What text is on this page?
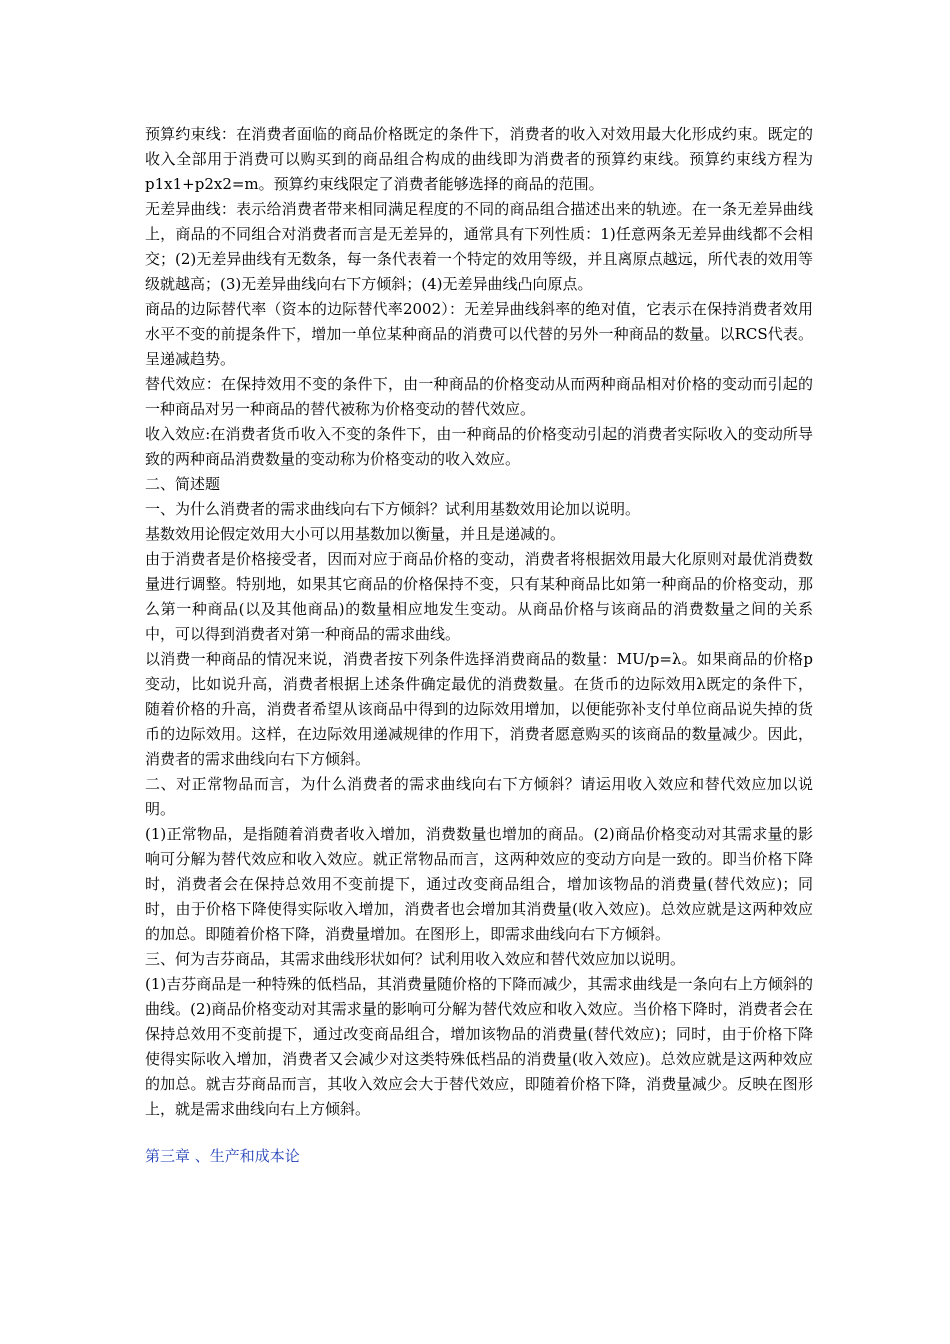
预算约束线：在消费者面临的商品价格既定的条件下，消费者的收入对效用最大化形成约束。既定的收入全部用于消费可以购买到的商品组合构成的曲线即为消费者的预算约束线。预算约束线方程为p1x1+p2x2=m。预算约束线限定了消费者能够选择的商品的范围。

无差异曲线：表示给消费者带来相同满足程度的不同的商品组合描述出来的轨迹。在一条无差异曲线上，商品的不同组合对消费者而言是无差异的，通常具有下列性质：1)任意两条无差异曲线都不会相交；(2)无差异曲线有无数条，每一条代表着一个特定的效用等级，并且离原点越远，所代表的效用等级就越高；(3)无差异曲线向右下方倾斜；(4)无差异曲线凸向原点。

商品的边际替代率（资本的边际替代率2002）：无差异曲线斜率的绝对值，它表示在保持消费者效用水平不变的前提条件下，增加一单位某种商品的消费可以代替的另外一种商品的数量。以RCS代表。呈递减趋势。

替代效应：在保持效用不变的条件下，由一种商品的价格变动从而两种商品相对价格的变动而引起的一种商品对另一种商品的替代被称为价格变动的替代效应。

收入效应:在消费者货币收入不变的条件下，由一种商品的价格变动引起的消费者实际收入的变动所导致的两种商品消费数量的变动称为价格变动的收入效应。

二、简述题

一、为什么消费者的需求曲线向右下方倾斜？试利用基数效用论加以说明。

基数效用论假定效用大小可以用基数加以衡量，并且是递减的。

由于消费者是价格接受者，因而对应于商品价格的变动，消费者将根据效用最大化原则对最优消费数量进行调整。特别地，如果其它商品的价格保持不变，只有某种商品比如第一种商品的价格变动，那么第一种商品(以及其他商品)的数量相应地发生变动。从商品价格与该商品的消费数量之间的关系中，可以得到消费者对第一种商品的需求曲线。

以消费一种商品的情况来说，消费者按下列条件选择消费商品的数量：MU/p=λ。如果商品的价格p变动，比如说升高，消费者根据上述条件确定最优的消费数量。在货币的边际效用λ既定的条件下，随着价格的升高，消费者希望从该商品中得到的边际效用增加，以便能弥补支付单位商品说失掉的货币的边际效用。这样，在边际效用递减规律的作用下，消费者愿意购买的该商品的数量减少。因此，消费者的需求曲线向右下方倾斜。

二、对正常物品而言，为什么消费者的需求曲线向右下方倾斜？请运用收入效应和替代效应加以说明。

(1)正常物品，是指随着消费者收入增加，消费数量也增加的商品。(2)商品价格变动对其需求量的影响可分解为替代效应和收入效应。就正常物品而言，这两种效应的变动方向是一致的。即当价格下降时，消费者会在保持总效用不变前提下，通过改变商品组合，增加该物品的消费量(替代效应)；同时，由于价格下降使得实际收入增加，消费者也会增加其消费量(收入效应)。总效应就是这两种效应的加总。即随着价格下降，消费量增加。在图形上，即需求曲线向右下方倾斜。

三、何为吉芬商品，其需求曲线形状如何？试利用收入效应和替代效应加以说明。

(1)吉芬商品是一种特殊的低档品，其消费量随价格的下降而减少，其需求曲线是一条向右上方倾斜的曲线。(2)商品价格变动对其需求量的影响可分解为替代效应和收入效应。当价格下降时，消费者会在保持总效用不变前提下，通过改变商品组合，增加该物品的消费量(替代效应)；同时，由于价格下降使得实际收入增加，消费者又会减少对这类特殊低档品的消费量(收入效应)。总效应就是这两种效应的加总。就吉芬商品而言，其收入效应会大于替代效应，即随着价格下降，消费量减少。反映在图形上，就是需求曲线向右上方倾斜。

第三章 、生产和成本论
